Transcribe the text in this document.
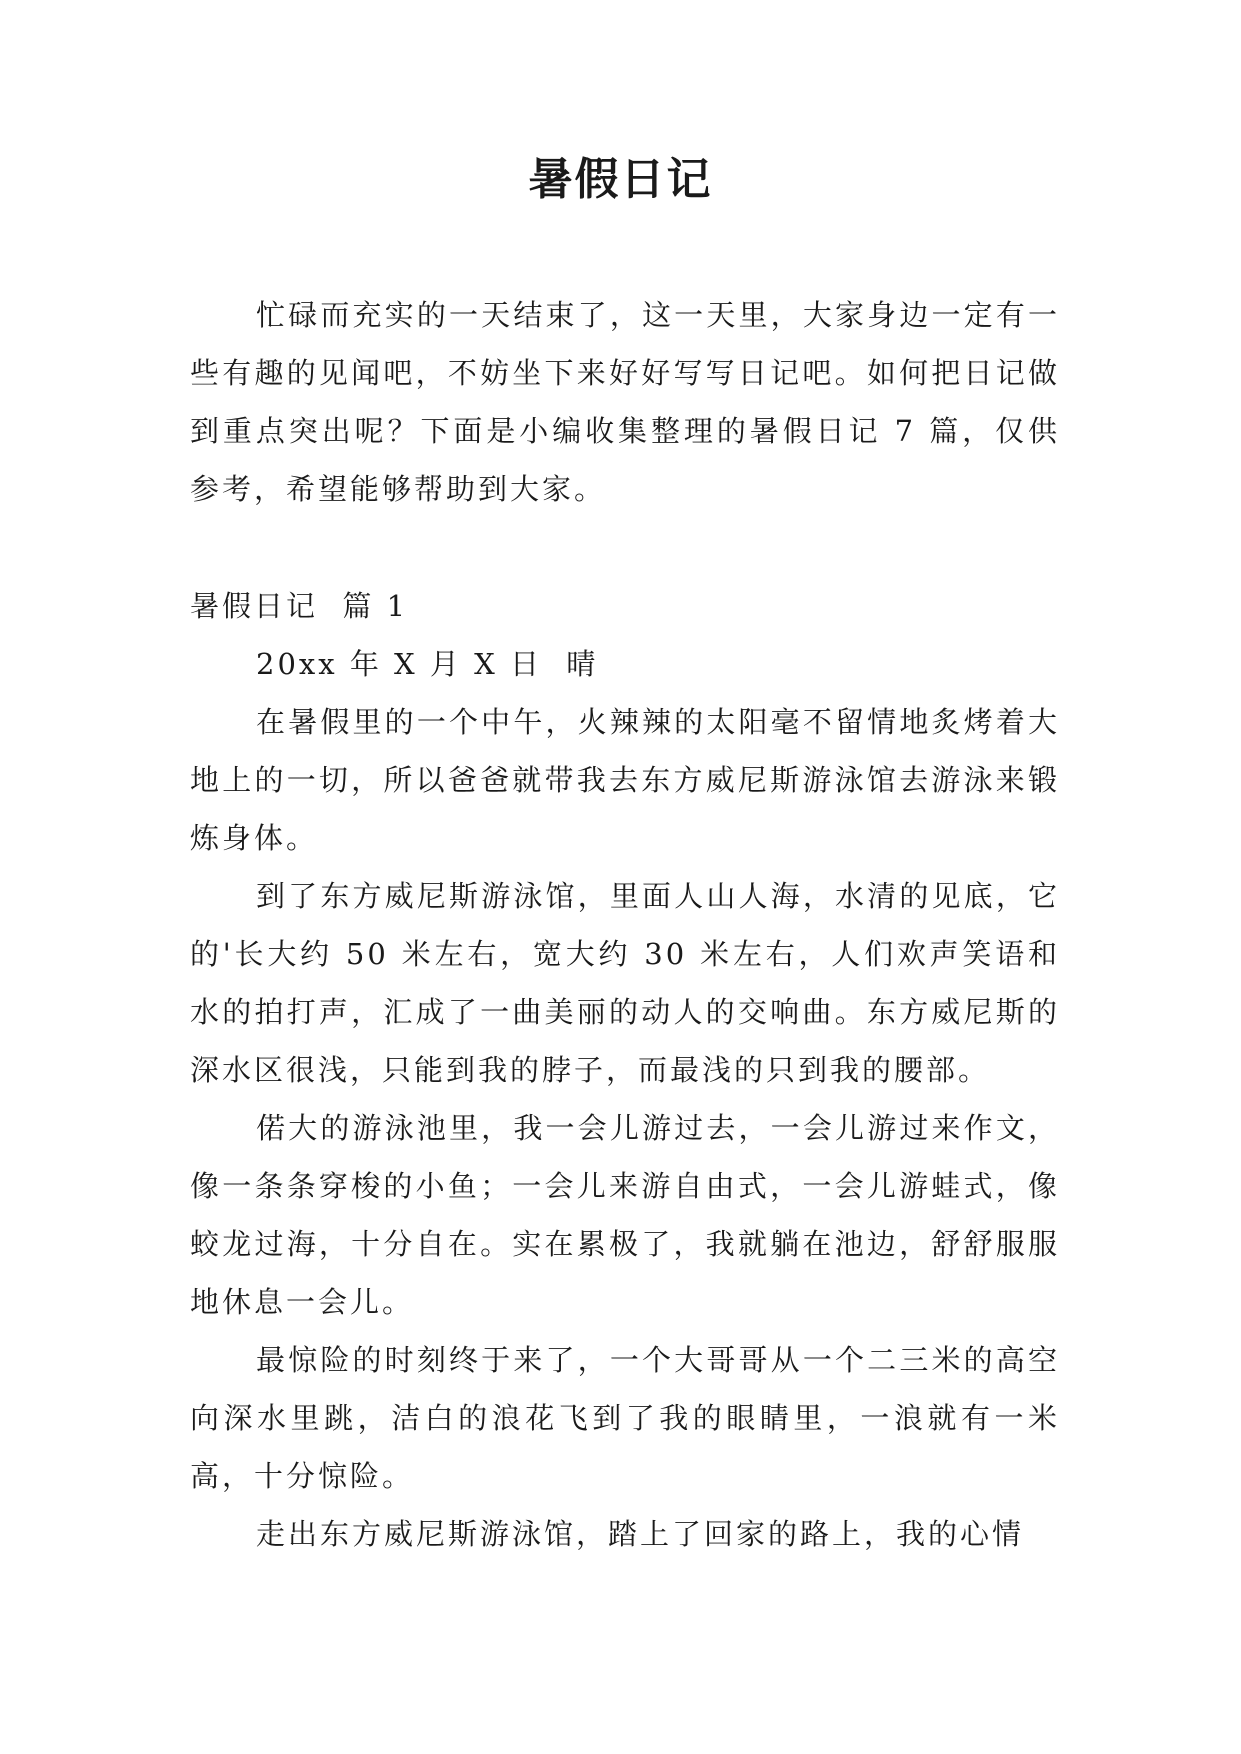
暑假日记

忙碌而充实的一天结束了，这一天里，大家身边一定有一些有趣的见闻吧，不妨坐下来好好写写日记吧。如何把日记做到重点突出呢？下面是小编收集整理的暑假日记 7 篇，仅供参考，希望能够帮助到大家。

暑假日记  篇 1

20xx 年 X 月 X 日  晴

在暑假里的一个中午，火辣辣的太阳毫不留情地炙烤着大地上的一切，所以爸爸就带我去东方威尼斯游泳馆去游泳来锻炼身体。

到了东方威尼斯游泳馆，里面人山人海，水清的见底，它的'长大约 50 米左右，宽大约 30 米左右，人们欢声笑语和水的拍打声，汇成了一曲美丽的动人的交响曲。东方威尼斯的深水区很浅，只能到我的脖子，而最浅的只到我的腰部。

偌大的游泳池里，我一会儿游过去，一会儿游过来作文，像一条条穿梭的小鱼；一会儿来游自由式，一会儿游蛙式，像蛟龙过海，十分自在。实在累极了，我就躺在池边，舒舒服服地休息一会儿。

最惊险的时刻终于来了，一个大哥哥从一个二三米的高空向深水里跳，洁白的浪花飞到了我的眼睛里，一浪就有一米高，十分惊险。

走出东方威尼斯游泳馆，踏上了回家的路上，我的心情
